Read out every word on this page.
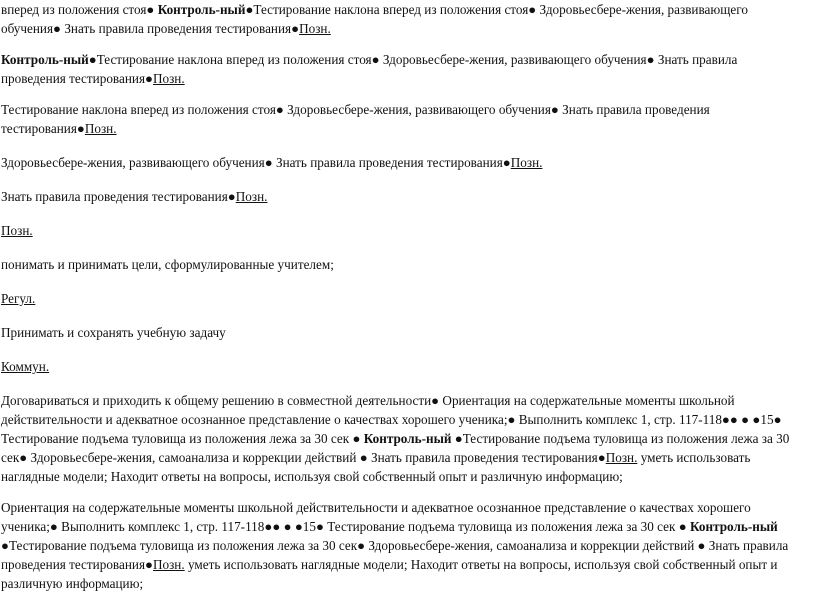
вперед из положения стоя● Контроль-ный●Тестирование наклона вперед из положения стоя● Здоровьесбере-жения, развивающего обучения● Знать правила проведения тестирования●Позн.

Контроль-ный●Тестирование наклона вперед из положения стоя● Здоровьесбере-жения, развивающего обучения● Знать правила проведения тестирования●Позн.

Тестирование наклона вперед из положения стоя● Здоровьесбере-жения, развивающего обучения● Знать правила проведения тестирования●Позн.

Здоровьесбере-жения, развивающего обучения● Знать правила проведения тестирования●Позн.

Знать правила проведения тестирования●Позн.

Позн.

понимать и принимать цели, сформулированные учителем;

Регул.

Принимать и сохранять учебную задачу

Коммун.

Договариваться и приходить к общему решению в совместной деятельности● Ориентация на содержательные моменты школьной действительности и адекватное осознанное представление о качествах хорошего ученика;● Выполнить комплекс 1, стр. 117-118●● ● ●15● Тестирование подъема туловища из положения лежа за 30 сек ● Контроль-ный ●Тестирование подъема туловища из положения лежа за 30 сек● Здоровьесбере-жения, самоанализа и коррекции действий ● Знать правила проведения тестирования●Позн. уметь использовать наглядные модели; Находит ответы на вопросы, используя свой собственный опыт и различную информацию;

Ориентация на содержательные моменты школьной действительности и адекватное осознанное представление о качествах хорошего ученика;● Выполнить комплекс 1, стр. 117-118●● ● ●15● Тестирование подъема туловища из положения лежа за 30 сек ● Контроль-ный ●Тестирование подъема туловища из положения лежа за 30 сек● Здоровьесбере-жения, самоанализа и коррекции действий ● Знать правила проведения тестирования●Позн. уметь использовать наглядные модели; Находит ответы на вопросы, используя свой собственный опыт и различную информацию;
